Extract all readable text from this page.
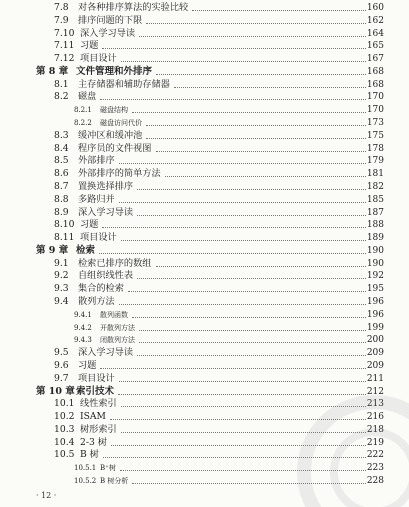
7.8 对各种排序算法的实验比较	160
7.9 排序问题的下限	162
7.10 深入学习导读	164
7.11 习题	165
7.12 项目设计	167
第 8 章 文件管理和外排序	168
8.1 主存储器和辅助存储器	168
8.2 磁盘	170
8.2.1 磁盘结构	170
8.2.2 磁盘访问代价	173
8.3 缓冲区和缓冲池	175
8.4 程序员的文件视图	178
8.5 外部排序	179
8.6 外部排序的简单方法	181
8.7 置换选择排序	182
8.8 多路归并	185
8.9 深入学习导读	187
8.10 习题	188
8.11 项目设计	189
第 9 章 检索	190
9.1 检索已排序的数组	190
9.2 自组织线性表	192
9.3 集合的检索	195
9.4 散列方法	196
9.4.1 散列函数	196
9.4.2 开散列方法	199
9.4.3 闭散列方法	200
9.5 深入学习导读	209
9.6 习题	209
9.7 项目设计	211
第 10 章 索引技术	212
10.1 线性索引	213
10.2 ISAM	216
10.3 树形索引	218
10.4 2-3 树	219
10.5 B 树	222
10.5.1 B⁺树	223
10.5.2 B 树分析	228
· 12 ·
